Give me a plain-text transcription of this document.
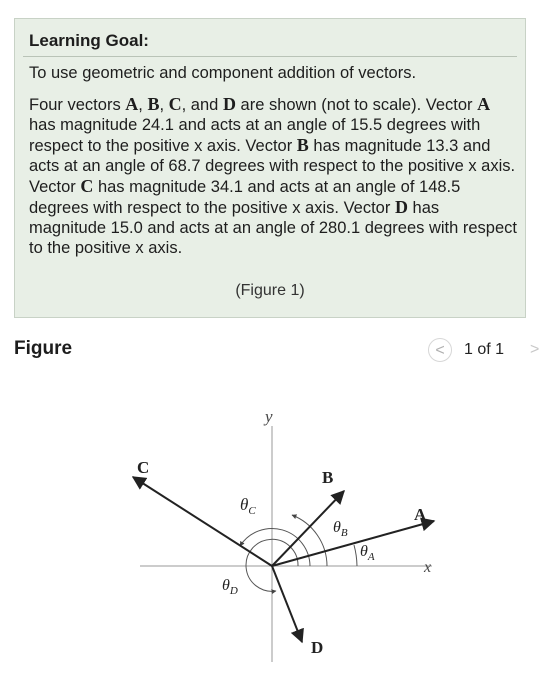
Learning Goal:
To use geometric and component addition of vectors.
Four vectors A, B, C, and D are shown (not to scale). Vector A has magnitude 24.1 and acts at an angle of 15.5 degrees with respect to the positive x axis. Vector B has magnitude 13.3 and acts at an angle of 68.7 degrees with respect to the positive x axis. Vector C has magnitude 34.1 and acts at an angle of 148.5 degrees with respect to the positive x axis. Vector D has magnitude 15.0 and acts at an angle of 280.1 degrees with respect to the positive x axis.
(Figure 1)
Figure	<	1 of 1 >
y
x
A
B
C
D
$\theta_C$
$\theta_B$
$\theta_A$
$\theta_D$
